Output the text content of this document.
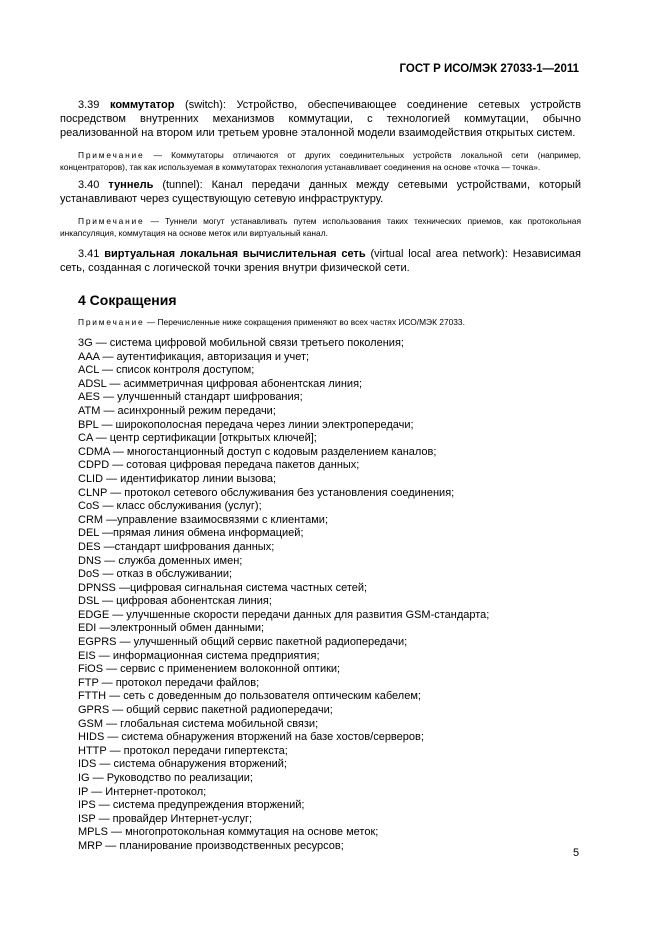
ГОСТ Р ИСО/МЭК 27033-1—2011

3.39 коммутатор (switch): Устройство, обеспечивающее соединение сетевых устройств посредством внутренних механизмов коммутации, с технологией коммутации, обычно реализованной на втором или третьем уровне эталонной модели взаимодействия открытых систем.

Примечание — Коммутаторы отличаются от других соединительных устройств локальной сети (например, концентраторов), так как используемая в коммутаторах технология устанавливает соединения на основе «точка — точка».

3.40 туннель (tunnel): Канал передачи данных между сетевыми устройствами, который устанавливают через существующую сетевую инфраструктуру.

Примечание — Туннели могут устанавливать путем использования таких технических приемов, как протокольная инкапсуляция, коммутация на основе меток или виртуальный канал.

3.41 виртуальная локальная вычислительная сеть (virtual local area network): Независимая сеть, созданная с логической точки зрения внутри физической сети.

4 Сокращения

Примечание — Перечисленные ниже сокращения применяют во всех частях ИСО/МЭК 27033.

3G — система цифровой мобильной связи третьего поколения;
AAA — аутентификация, авторизация и учет;
ACL — список контроля доступом;
ADSL — асимметричная цифровая абонентская линия;
AES — улучшенный стандарт шифрования;
ATM — асинхронный режим передачи;
BPL — широкополосная передача через линии электропередачи;
CA — центр сертификации [открытых ключей];
CDMA — многостанционный доступ с кодовым разделением каналов;
CDPD — сотовая цифровая передача пакетов данных;
CLID — идентификатор линии вызова;
CLNP — протокол сетевого обслуживания без установления соединения;
CoS — класс обслуживания (услуг);
CRM —управление взаимосвязями с клиентами;
DEL —прямая линия обмена информацией;
DES —стандарт шифрования данных;
DNS — служба доменных имен;
DoS — отказ в обслуживании;
DPNSS —цифровая сигнальная система частных сетей;
DSL — цифровая абонентская линия;
EDGE — улучшенные скорости передачи данных для развития GSM-стандарта;
EDI —электронный обмен данными;
EGPRS — улучшенный общий сервис пакетной радиопередачи;
EIS — информационная система предприятия;
FiOS — сервис с применением волоконной оптики;
FTP — протокол передачи файлов;
FTTH — сеть с доведенным до пользователя оптическим кабелем;
GPRS — общий сервис пакетной радиопередачи;
GSM — глобальная система мобильной связи;
HIDS — система обнаружения вторжений на базе хостов/серверов;
HTTP — протокол передачи гипертекста;
IDS — система обнаружения вторжений;
IG — Руководство по реализации;
IP — Интернет-протокол;
IPS — система предупреждения вторжений;
ISP — провайдер Интернет-услуг;
MPLS — многопротокольная коммутация на основе меток;
MRP — планирование производственных ресурсов;
5
